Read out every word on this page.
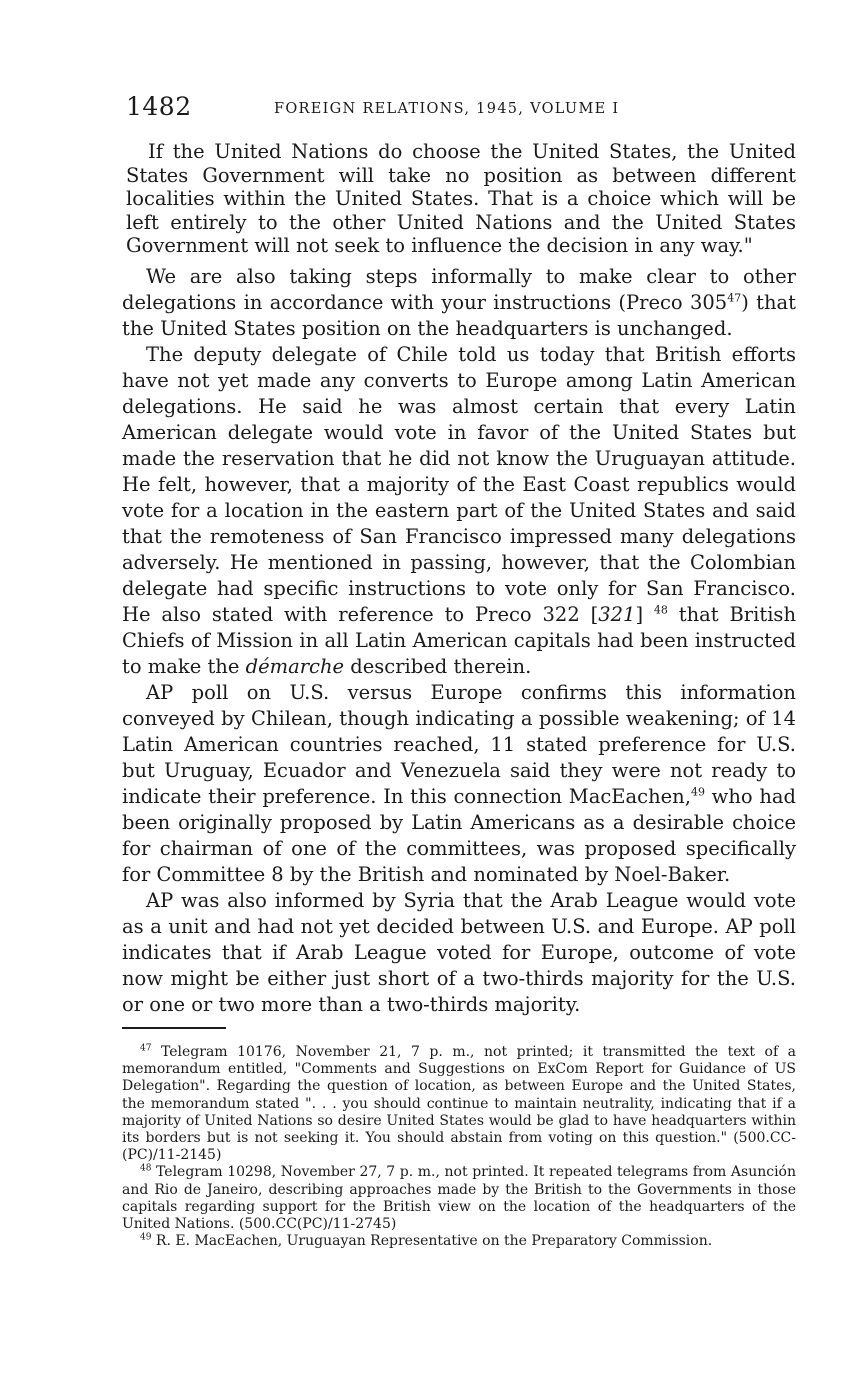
1482	FOREIGN RELATIONS, 1945, VOLUME I

If the United Nations do choose the United States, the United States Government will take no position as between different localities within the United States. That is a choice which will be left entirely to the other United Nations and the United States Government will not seek to influence the decision in any way."

We are also taking steps informally to make clear to other delegations in accordance with your instructions (Preco 305$^{47}$) that the United States position on the headquarters is unchanged.

The deputy delegate of Chile told us today that British efforts have not yet made any converts to Europe among Latin American delegations. He said he was almost certain that every Latin American delegate would vote in favor of the United States but made the reservation that he did not know the Uruguayan attitude. He felt, however, that a majority of the East Coast republics would vote for a location in the eastern part of the United States and said that the remoteness of San Francisco impressed many delegations adversely. He mentioned in passing, however, that the Colombian delegate had specific instructions to vote only for San Francisco. He also stated with reference to Preco 322 [321] $^{48}$ that British Chiefs of Mission in all Latin American capitals had been instructed to make the démarche described therein.

AP poll on U.S. versus Europe confirms this information conveyed by Chilean, though indicating a possible weakening; of 14 Latin American countries reached, 11 stated preference for U.S. but Uruguay, Ecuador and Venezuela said they were not ready to indicate their preference. In this connection MacEachen,$^{49}$ who had been originally proposed by Latin Americans as a desirable choice for chairman of one of the committees, was proposed specifically for Committee 8 by the British and nominated by Noel-Baker.

AP was also informed by Syria that the Arab League would vote as a unit and had not yet decided between U.S. and Europe. AP poll indicates that if Arab League voted for Europe, outcome of vote now might be either just short of a two-thirds majority for the U.S. or one or two more than a two-thirds majority.

$^{47}$ Telegram 10176, November 21, 7 p. m., not printed; it transmitted the text of a memorandum entitled, "Comments and Suggestions on ExCom Report for Guidance of US Delegation". Regarding the question of location, as between Europe and the United States, the memorandum stated ". . . you should continue to maintain neutrality, indicating that if a majority of United Nations so desire United States would be glad to have headquarters within its borders but is not seeking it. You should abstain from voting on this question." (500.CC-(PC)/11-2145)

$^{48}$ Telegram 10298, November 27, 7 p. m., not printed. It repeated telegrams from Asunción and Rio de Janeiro, describing approaches made by the British to the Governments in those capitals regarding support for the British view on the location of the headquarters of the United Nations. (500.CC(PC)/11-2745)

$^{49}$ R. E. MacEachen, Uruguayan Representative on the Preparatory Commission.
